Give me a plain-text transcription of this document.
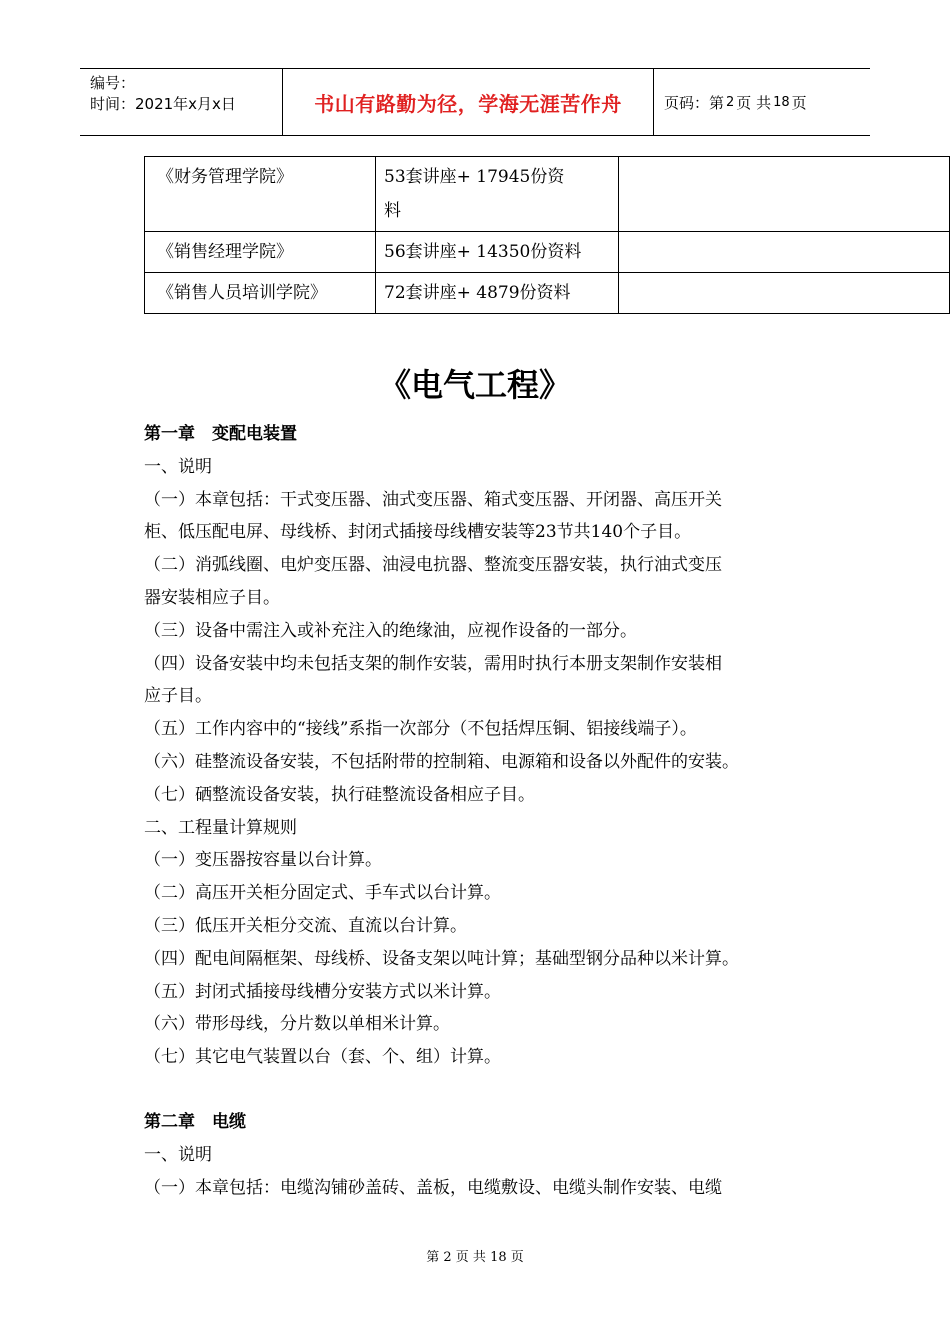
编号：
时间：2021年x月x日	书山有路勤为径，学海无涯苦作舟	页码：第 2 页 共 18 页
《财务管理学院》	53套讲座+ 17945份资
料	

《销售经理学院》	56套讲座+ 14350份资料	
《销售人员培训学院》	72套讲座+ 4879份资料	
《电气工程》
第一章　变配电装置
一、说明
（一）本章包括：干式变压器、油式变压器、箱式变压器、开闭器、高压开关
柜、低压配电屏、母线桥、封闭式插接母线槽安装等23节共140个子目。
（二）消弧线圈、电炉变压器、油浸电抗器、整流变压器安装，执行油式变压
器安装相应子目。
（三）设备中需注入或补充注入的绝缘油，应视作设备的一部分。
（四）设备安装中均未包括支架的制作安装，需用时执行本册支架制作安装相
应子目。
（五）工作内容中的“接线”系指一次部分（不包括焊压铜、铝接线端子）。
（六）硅整流设备安装，不包括附带的控制箱、电源箱和设备以外配件的安装。
（七）硒整流设备安装，执行硅整流设备相应子目。
二、工程量计算规则
（一）变压器按容量以台计算。
（二）高压开关柜分固定式、手车式以台计算。
（三）低压开关柜分交流、直流以台计算。
（四）配电间隔框架、母线桥、设备支架以吨计算；基础型钢分品种以米计算。
（五）封闭式插接母线槽分安装方式以米计算。
（六）带形母线，分片数以单相米计算。
（七）其它电气装置以台（套、个、组）计算。
第二章　电缆
一、说明
（一）本章包括：电缆沟铺砂盖砖、盖板，电缆敷设、电缆头制作安装、电缆
第 2 页 共 18 页
